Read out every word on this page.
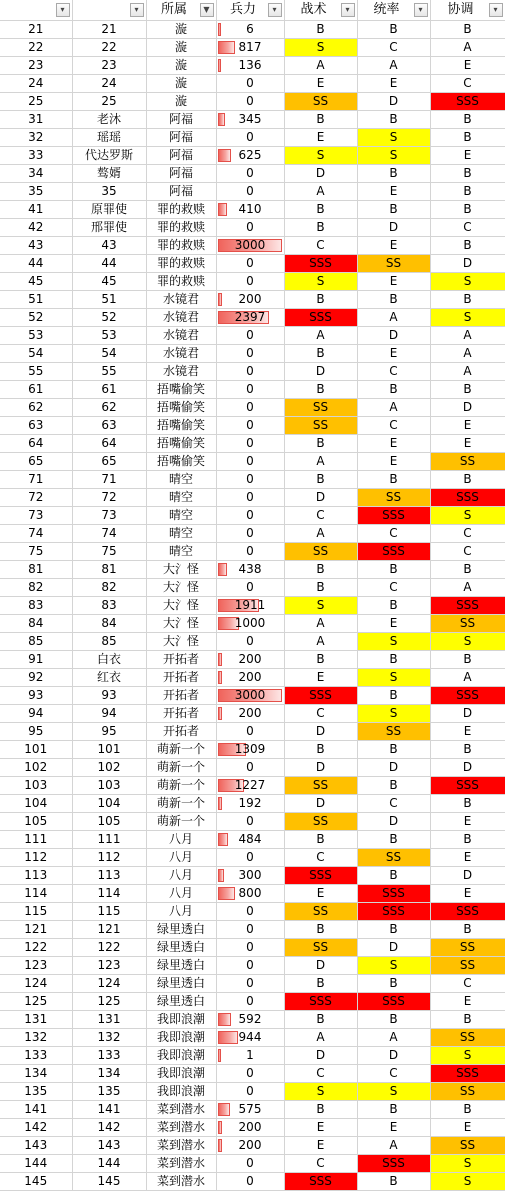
▾	▾	所属 ▼	兵力 ▾	战术 ▾	统率 ▾	协调 ▾

21	21	漩	6	B	B	B
22	22	漩	817	S	C	A
23	23	漩	136	A	A	E
24	24	漩	0	E	E	C
25	25	漩	0	SS	D	SSS
31	老沐	阿福	345	B	B	B
32	瑶瑶	阿福	0	E	S	B
33	代达罗斯	阿福	625	S	S	E
34	骜婿	阿福	0	D	B	B
35	35	阿福	0	A	E	B
41	原罪使	罪的救赎	410	B	B	B
42	邢罪使	罪的救赎	0	B	D	C
43	43	罪的救赎	3000	C	E	B
44	44	罪的救赎	0	SSS	SS	D
45	45	罪的救赎	0	S	E	S
51	51	水镜君	200	B	B	B
52	52	水镜君	2397	SSS	A	S
53	53	水镜君	0	A	D	A
54	54	水镜君	0	B	E	A
55	55	水镜君	0	D	C	A
61	61	捂嘴偷笑	0	B	B	B
62	62	捂嘴偷笑	0	SS	A	D
63	63	捂嘴偷笑	0	SS	C	E
64	64	捂嘴偷笑	0	B	E	E
65	65	捂嘴偷笑	0	A	E	SS
71	71	晴空	0	B	B	B
72	72	晴空	0	D	SS	SSS
73	73	晴空	0	C	SSS	S
74	74	晴空	0	A	C	C
75	75	晴空	0	SS	SSS	C
81	81	大氵怪	438	B	B	B
82	82	大氵怪	0	B	C	A
83	83	大氵怪	1911	S	B	SSS
84	84	大氵怪	1000	A	E	SS
85	85	大氵怪	0	A	S	S
91	白衣	开拓者	200	B	B	B
92	红衣	开拓者	200	E	S	A
93	93	开拓者	3000	SSS	B	SSS
94	94	开拓者	200	C	S	D
95	95	开拓者	0	D	SS	E
101	101	萌新一个	1309	B	B	B
102	102	萌新一个	0	D	D	D
103	103	萌新一个	1227	SS	B	SSS
104	104	萌新一个	192	D	C	B
105	105	萌新一个	0	SS	D	E
111	111	八月	484	B	B	B
112	112	八月	0	C	SS	E
113	113	八月	300	SSS	B	D
114	114	八月	800	E	SSS	E
115	115	八月	0	SS	SSS	SSS
121	121	绿里透白	0	B	B	B
122	122	绿里透白	0	SS	D	SS
123	123	绿里透白	0	D	S	SS
124	124	绿里透白	0	B	B	C
125	125	绿里透白	0	SSS	SSS	E
131	131	我即浪潮	592	B	B	B
132	132	我即浪潮	944	A	A	SS
133	133	我即浪潮	1	D	D	S
134	134	我即浪潮	0	C	C	SSS
135	135	我即浪潮	0	S	S	SS
141	141	菜到潜水	575	B	B	B
142	142	菜到潜水	200	E	E	E
143	143	菜到潜水	200	E	A	SS
144	144	菜到潜水	0	C	SSS	S
145	145	菜到潜水	0	SSS	B	S
